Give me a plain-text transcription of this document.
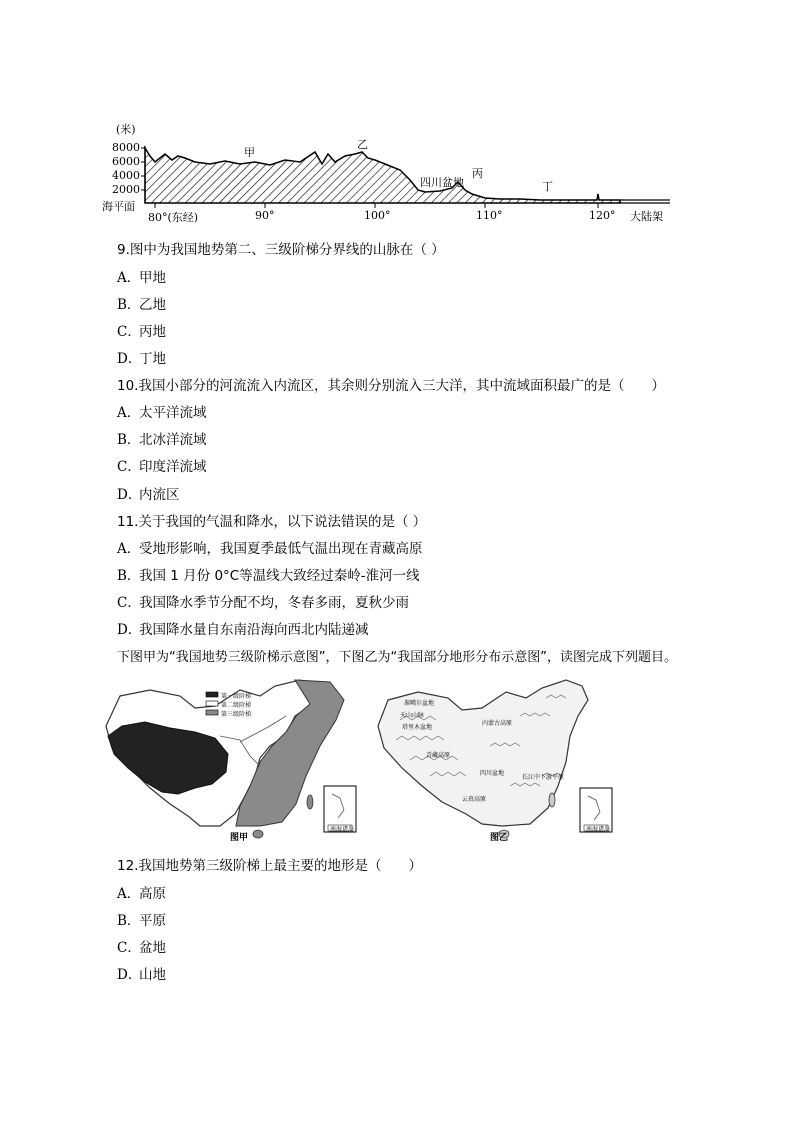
(米)
8000
6000
4000
2000
海平面
80°(东经)	90°	100°	110°	120°
甲
乙
四川盆地
丙
丁
大陆架
9.图中为我国地势第二、三级阶梯分界线的山脉在（ ）
A．甲地
B．乙地
C．丙地
D．丁地
10.我国小部分的河流流入内流区，其余则分别流入三大洋，其中流域面积最广的是（　　）
A．太平洋流域
B．北冰洋流域
C．印度洋流域
D．内流区
11.关于我国的气温和降水，以下说法错误的是（ ）
A．受地形影响，我国夏季最低气温出现在青藏高原
B．我国 1 月份 0°C等温线大致经过秦岭-淮河一线
C．我国降水季节分配不均，冬春多雨，夏秋少雨
D．我国降水量自东南沿海向西北内陆递减
下图甲为“我国地势三级阶梯示意图”，下图乙为“我国部分地形分布示意图”，读图完成下列题目。
第一级阶梯
第二级阶梯
第三级阶梯
南海诸岛
图甲
准噶尔盆地
天山山脉
塔里木盆地
青藏高原
内蒙古高原
四川盆地
长江中下游平原
云贵高原
南海诸岛
图乙
12.我国地势第三级阶梯上最主要的地形是（　　）
A．高原
B．平原
C．盆地
D．山地
